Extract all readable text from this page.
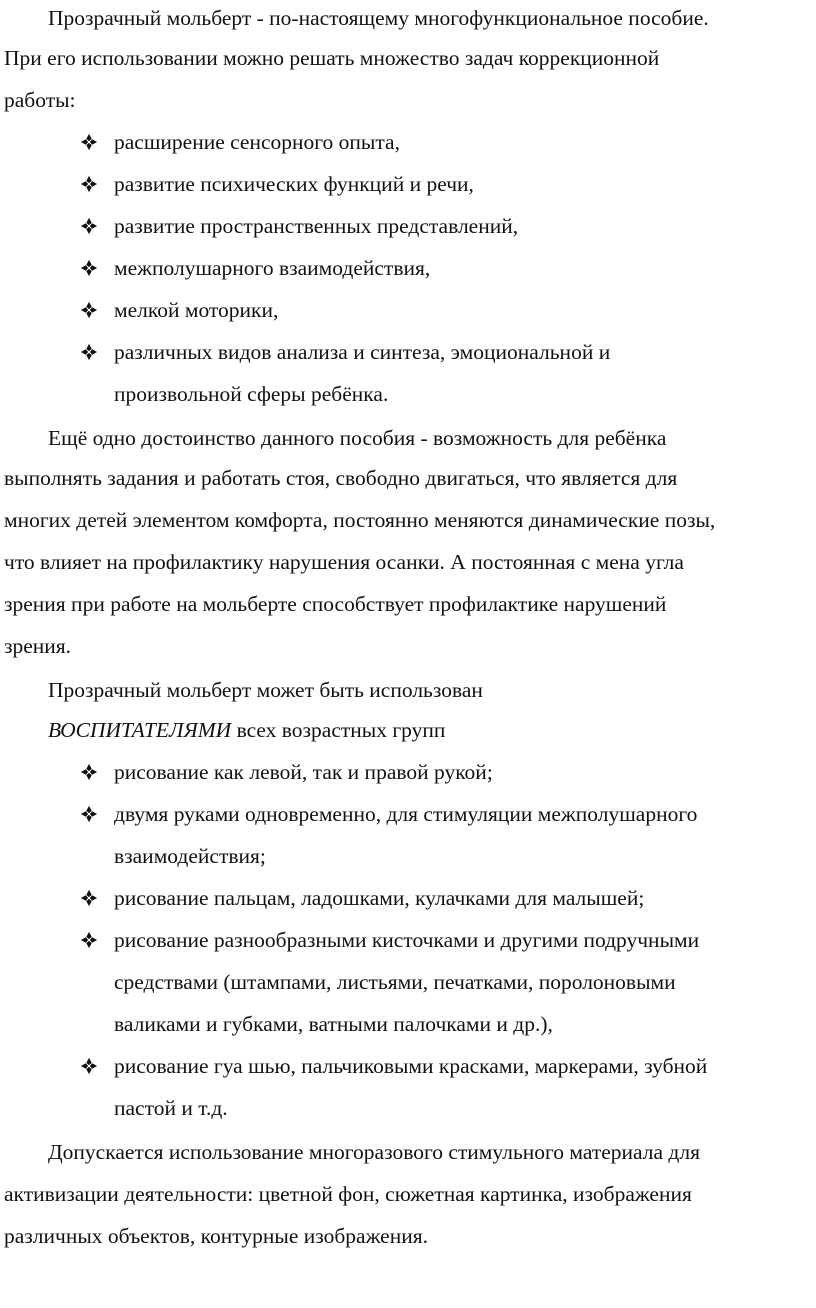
Прозрачный мольберт - по-настоящему многофункциональное пособие.
При его использовании можно решать множество задач коррекционной
работы:
расширение сенсорного опыта,
развитие психических функций и речи,
развитие пространственных представлений,
межполушарного взаимодействия,
мелкой моторики,
различных видов анализа и синтеза, эмоциональной и
произвольной сферы ребёнка.
Ещё одно достоинство данного пособия - возможность для ребёнка
выполнять задания и работать стоя, свободно двигаться, что является для
многих детей элементом комфорта, постоянно меняются динамические позы,
что влияет на профилактику нарушения осанки. А постоянная с мена угла
зрения при работе на мольберте способствует профилактике нарушений
зрения.
Прозрачный мольберт может быть использован
ВОСПИТАТЕЛЯМИ всех возрастных групп
рисование как левой, так и правой рукой;
двумя руками одновременно, для стимуляции межполушарного
взаимодействия;
рисование пальцам, ладошками, кулачками для малышей;
рисование разнообразными кисточками и другими подручными
средствами (штампами, листьями, печатками, поролоновыми
валиками и губками, ватными палочками и др.),
рисование гуа шью, пальчиковыми красками, маркерами, зубной
пастой и т.д.
Допускается использование многоразового стимульного материала для
активизации деятельности: цветной фон, сюжетная картинка, изображения
различных объектов, контурные изображения.
